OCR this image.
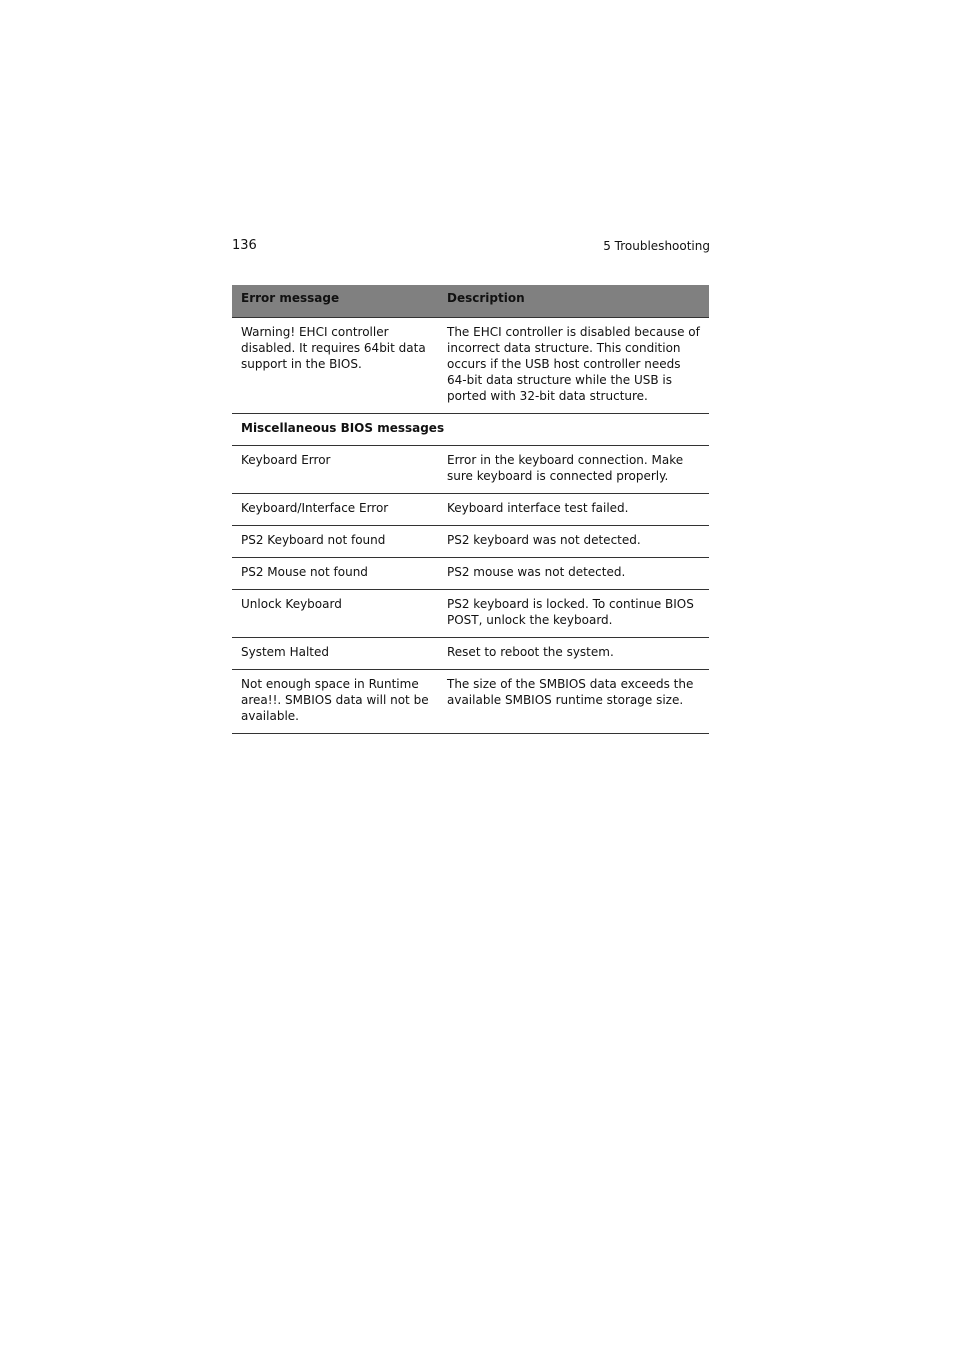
136	5 Troubleshooting
Error message	Description
Warning! EHCI controller disabled. It requires 64bit data support in the BIOS.	The EHCI controller is disabled because of incorrect data structure. This condition occurs if the USB host controller needs 64-bit data structure while the USB is ported with 32-bit data structure.
Miscellaneous BIOS messages	
Keyboard Error	Error in the keyboard connection. Make sure keyboard is connected properly.
Keyboard/Interface Error	Keyboard interface test failed.
PS2 Keyboard not found	PS2 keyboard was not detected.
PS2 Mouse not found	PS2 mouse was not detected.
Unlock Keyboard	PS2 keyboard is locked. To continue BIOS POST, unlock the keyboard.
System Halted	Reset to reboot the system.
Not enough space in Runtime area!!. SMBIOS data will not be available.	The size of the SMBIOS data exceeds the available SMBIOS runtime storage size.
